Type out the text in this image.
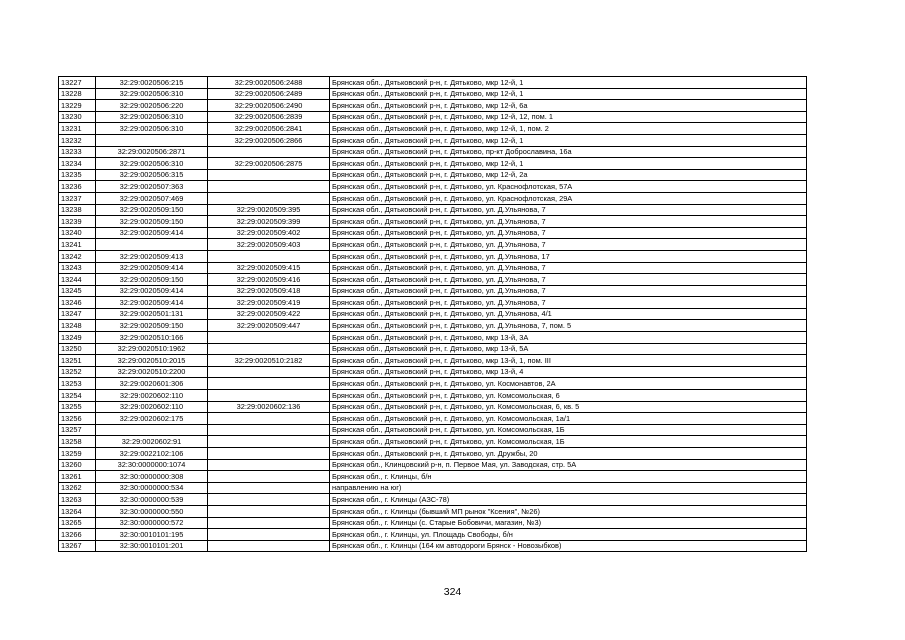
13227	32:29:0020506:215	32:29:0020506:2488	Брянская обл., Дятьковский р-н, г. Дятьково, мкр 12-й, 1
13228	32:29:0020506:310	32:29:0020506:2489	Брянская обл., Дятьковский р-н, г. Дятьково, мкр 12-й, 1
13229	32:29:0020506:220	32:29:0020506:2490	Брянская обл., Дятьковский р-н, г. Дятьково, мкр 12-й, 6а
13230	32:29:0020506:310	32:29:0020506:2839	Брянская обл., Дятьковский р-н, г. Дятьково, мкр 12-й, 12, пом. 1
13231	32:29:0020506:310	32:29:0020506:2841	Брянская обл., Дятьковский р-н, г. Дятьково, мкр 12-й, 1, пом. 2
13232		32:29:0020506:2866	Брянская обл., Дятьковский р-н, г. Дятьково, мкр 12-й, 1
13233	32:29:0020506:2871		Брянская обл., Дятьковский р-н, г. Дятьково, пр-кт Доброславина, 16а
13234	32:29:0020506:310	32:29:0020506:2875	Брянская обл., Дятьковский р-н, г. Дятьково, мкр 12-й, 1
13235	32:29:0020506:315		Брянская обл., Дятьковский р-н, г. Дятьково, мкр 12-й, 2а
13236	32:29:0020507:363		Брянская обл., Дятьковский р-н, г. Дятьково, ул. Краснофлотская, 57А
13237	32:29:0020507:469		Брянская обл., Дятьковский р-н, г. Дятьково, ул. Краснофлотская, 29А
13238	32:29:0020509:150	32:29:0020509:395	Брянская обл., Дятьковский р-н, г. Дятьково, ул. Д.Ульянова, 7
13239	32:29:0020509:150	32:29:0020509:399	Брянская обл., Дятьковский р-н, г. Дятьково, ул. Д.Ульянова, 7
13240	32:29:0020509:414	32:29:0020509:402	Брянская обл., Дятьковский р-н, г. Дятьково, ул. Д.Ульянова, 7
13241		32:29:0020509:403	Брянская обл., Дятьковский р-н, г. Дятьково, ул. Д.Ульянова, 7
13242	32:29:0020509:413		Брянская обл., Дятьковский р-н, г. Дятьково, ул. Д.Ульянова, 17
13243	32:29:0020509:414	32:29:0020509:415	Брянская обл., Дятьковский р-н, г. Дятьково, ул. Д.Ульянова, 7
13244	32:29:0020509:150	32:29:0020509:416	Брянская обл., Дятьковский р-н, г. Дятьково, ул. Д.Ульянова, 7
13245	32:29:0020509:414	32:29:0020509:418	Брянская обл., Дятьковский р-н, г. Дятьково, ул. Д.Ульянова, 7
13246	32:29:0020509:414	32:29:0020509:419	Брянская обл., Дятьковский р-н, г. Дятьково, ул. Д.Ульянова, 7
13247	32:29:0020501:131	32:29:0020509:422	Брянская обл., Дятьковский р-н, г. Дятьково, ул. Д.Ульянова, 4/1
13248	32:29:0020509:150	32:29:0020509:447	Брянская обл., Дятьковский р-н, г. Дятьково, ул. Д.Ульянова, 7, пом. 5
13249	32:29:0020510:166		Брянская обл., Дятьковский р-н, г. Дятьково, мкр 13-й, 3А
13250	32:29:0020510:1962		Брянская обл., Дятьковский р-н, г. Дятьково, мкр 13-й, 5А
13251	32:29:0020510:2015	32:29:0020510:2182	Брянская обл., Дятьковский р-н, г. Дятьково, мкр 13-й, 1, пом. III
13252	32:29:0020510:2200		Брянская обл., Дятьковский р-н, г. Дятьково, мкр 13-й, 4
13253	32:29:0020601:306		Брянская обл., Дятьковский р-н, г. Дятьково, ул. Космонавтов, 2А
13254	32:29:0020602:110		Брянская обл., Дятьковский р-н, г. Дятьково, ул. Комсомольская, 6
13255	32:29:0020602:110	32:29:0020602:136	Брянская обл., Дятьковский р-н, г. Дятьково, ул. Комсомольская, 6, кв. 5
13256	32:29:0020602:175		Брянская обл., Дятьковский р-н, г. Дятьково, ул. Комсомольская, 1а/1
13257			Брянская обл., Дятьковский р-н, г. Дятьково, ул. Комсомольская, 1Б
13258	32:29:0020602:91		Брянская обл., Дятьковский р-н, г. Дятьково, ул. Комсомольская, 1Б
13259	32:29:0022102:106		Брянская обл., Дятьковский р-н, г. Дятьково, ул. Дружбы, 20
13260	32:30:0000000:1074		Брянская обл., Клинцовский р-н, п. Первое Мая, ул. Заводская, стр. 5А
13261	32:30:0000000:308		Брянская обл., г. Клинцы, б/н
13262	32:30:0000000:534		направлению на юг)
13263	32:30:0000000:539		Брянская обл., г. Клинцы (АЗС-78)
13264	32:30:0000000:550		Брянская обл., г. Клинцы (бывший МП рынок "Ксения", №26)
13265	32:30:0000000:572		Брянская обл., г. Клинцы (с. Старые Бобовичи, магазин, №3)
13266	32:30:0010101:195		Брянская обл., г. Клинцы, ул. Площадь Свободы, б/н
13267	32:30:0010101:201		Брянская обл., г. Клинцы (164 км автодороги Брянск - Новозыбков)
324
